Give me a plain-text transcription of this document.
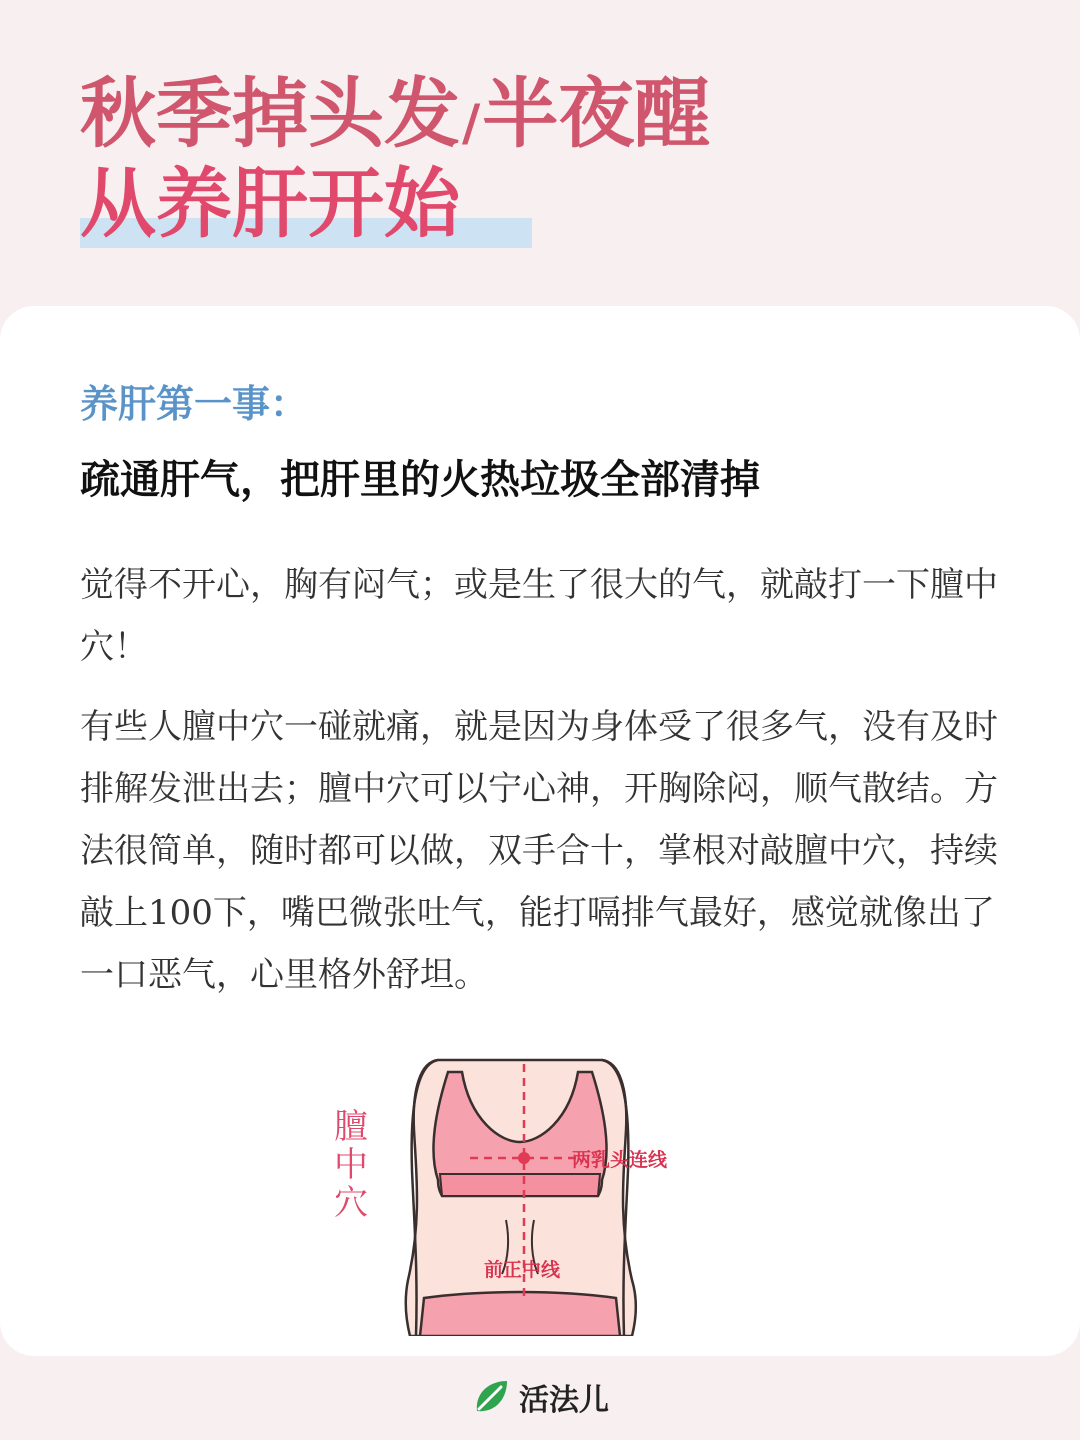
秋季掉头发/半夜醒
从养肝开始
养肝第一事：
疏通肝气，把肝里的火热垃圾全部清掉

觉得不开心，胸有闷气；或是生了很大的气，就敲打一下膻中穴！

有些人膻中穴一碰就痛，就是因为身体受了很多气，没有及时排解发泄出去；膻中穴可以宁心神，开胸除闷，顺气散结。方法很简单，随时都可以做，双手合十，掌根对敲膻中穴，持续敲上100下，嘴巴微张吐气，能打嗝排气最好，感觉就像出了一口恶气，心里格外舒坦。

两乳头连线
前正中线
膻
中
穴
活法儿
